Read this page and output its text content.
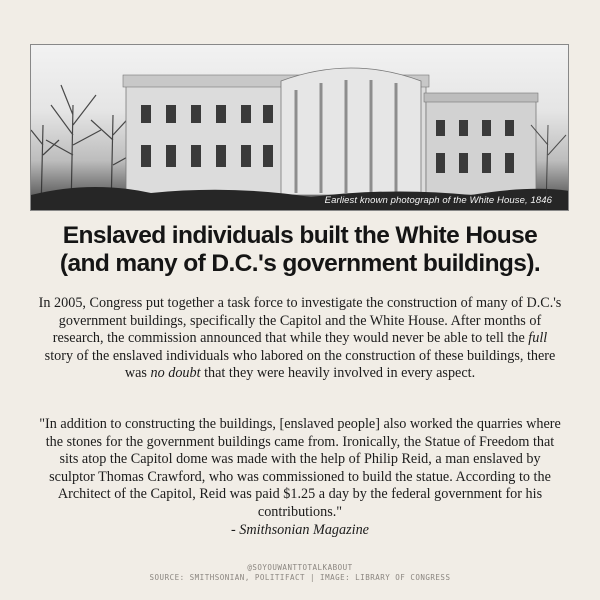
Earliest known photograph of the White House, 1846
Enslaved individuals built the White House
(and many of D.C.'s government buildings).
In 2005, Congress put together a task force to investigate the construction of many of D.C.'s government buildings, specifically the Capitol and the White House. After months of research, the commission announced that while they would never be able to tell the full story of the enslaved individuals who labored on the construction of these buildings, there was no doubt that they were heavily involved in every aspect.
"In addition to constructing the buildings, [enslaved people] also worked the quarries where the stones for the government buildings came from. Ironically, the Statue of Freedom that sits atop the Capitol dome was made with the help of Philip Reid, a man enslaved by sculptor Thomas Crawford, who was commissioned to build the statue. According to the Architect of the Capitol, Reid was paid $1.25 a day by the federal government for his contributions."
- Smithsonian Magazine
@SOYOUWANTTOTALKABOUT
SOURCE: SMITHSONIAN, POLITIFACT | IMAGE: LIBRARY OF CONGRESS
